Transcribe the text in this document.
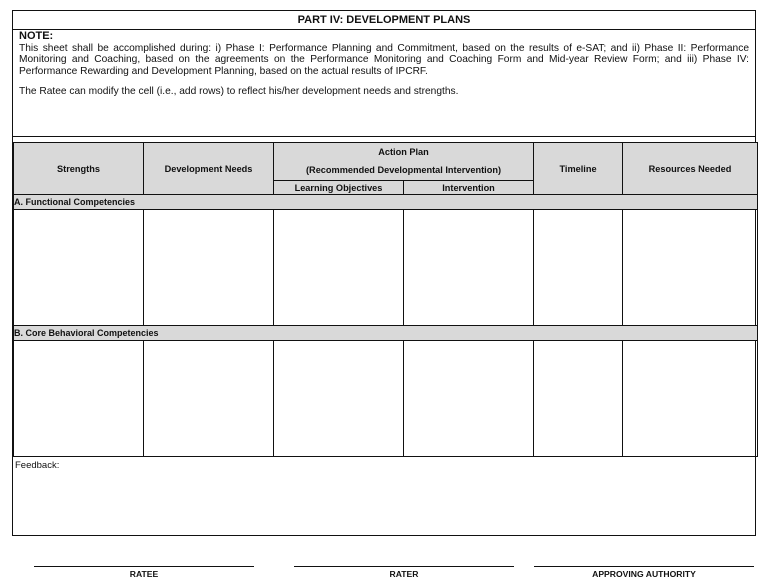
PART IV: DEVELOPMENT PLANS
NOTE:

This sheet shall be accomplished during: i) Phase I: Performance Planning and Commitment, based on the results of e-SAT; and ii) Phase II: Performance Monitoring and Coaching, based on the agreements on the Performance Monitoring and Coaching Form and Mid-year Review Form; and iii) Phase IV: Performance Rewarding and Development Planning, based on the actual results of IPCRF.

The Ratee can modify the cell (i.e., add rows) to reflect his/her development needs and strengths.

Strengths	Development Needs	Action Plan		Timeline	Resources Needed
		(Recommended Developmental Intervention)			
		Learning Objectives	Intervention		
A. Functional Competencies					

B. Core Behavioral Competencies					

Feedback:
RATEE	RATER	APPROVING AUTHORITY
